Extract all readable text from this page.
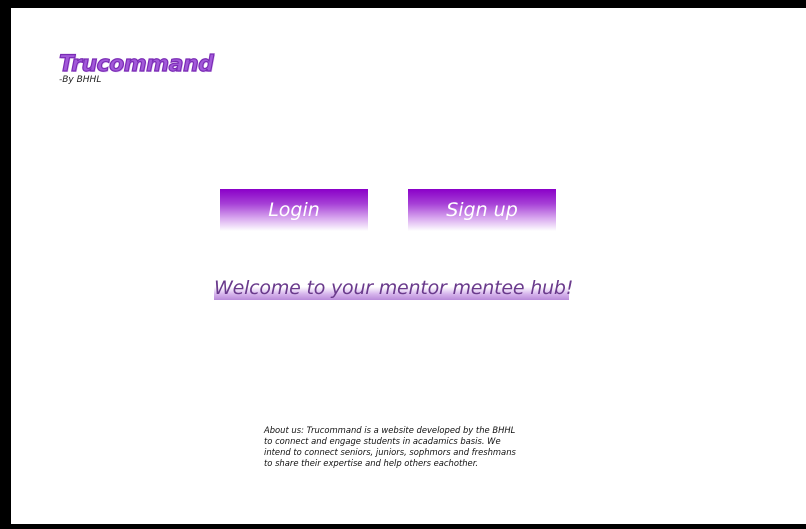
Trucommand
-By BHHL
Login	Sign up
Welcome to your mentor mentee hub!
About us: Trucommand is a website developed by the BHHL to connect and engage students in acadamics basis. We intend to connect seniors, juniors, sophmors and freshmans to share their expertise and help others eachother.
